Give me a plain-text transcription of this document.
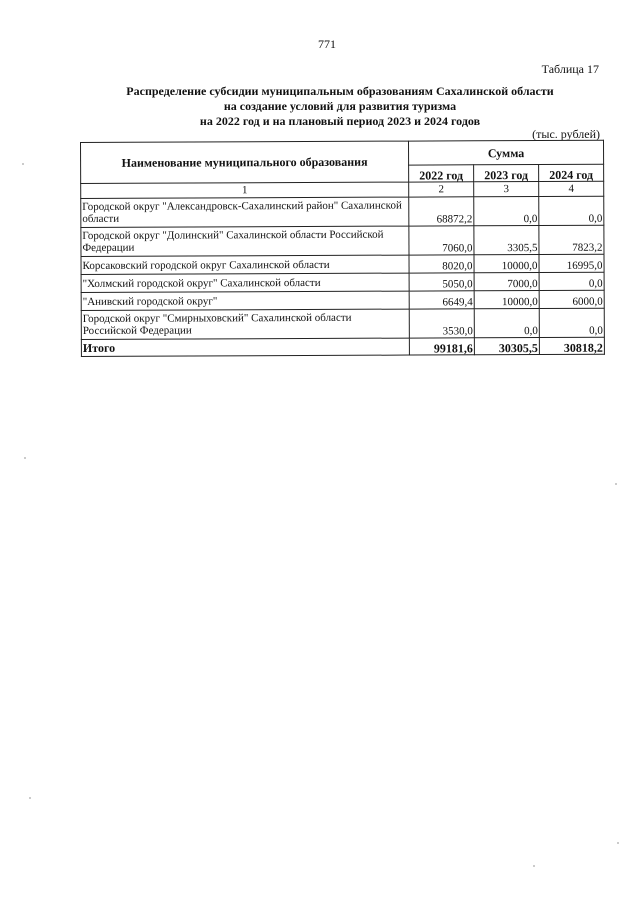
771
Таблица 17
Распределение субсидии муниципальным образованиям Сахалинской области
на создание условий для развития туризма
на 2022 год и на плановый период 2023 и 2024 годов
(тыс. рублей)
Наименование муниципального образования	Сумма		
	2022 год	2023 год	2024 год
1	2	3	4
Городской округ "Александровск-Сахалинский район" Сахалинской области	68872,2	0,0	0,0
Городской округ "Долинский" Сахалинской области Российской Федерации	7060,0	3305,5	7823,2
Корсаковский городской округ Сахалинской области	8020,0	10000,0	16995,0
"Холмский городской округ" Сахалинской области	5050,0	7000,0	0,0
"Анивский городской округ"	6649,4	10000,0	6000,0
Городской округ "Смирныховский" Сахалинской области Российской Федерации	3530,0	0,0	0,0
Итого	99181,6	30305,5	30818,2
